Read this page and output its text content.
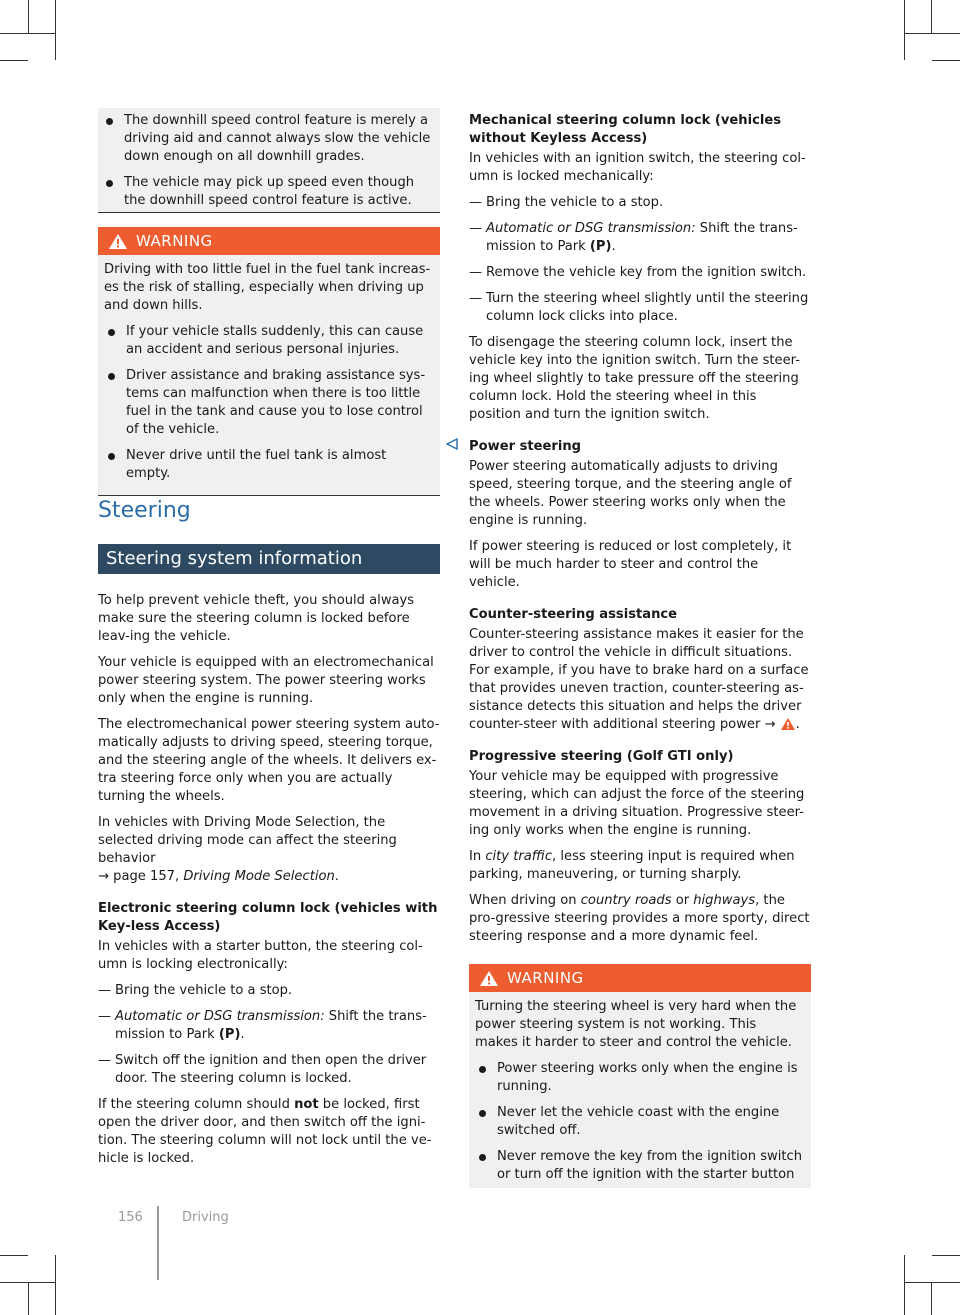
The downhill speed control feature is merely a driving aid and cannot always slow the vehicle down enough on all downhill grades.
The vehicle may pick up speed even though the downhill speed control feature is active.
WARNING

Driving with too little fuel in the fuel tank increas-es the risk of stalling, especially when driving up and down hills.

If your vehicle stalls suddenly, this can cause an accident and serious personal injuries.
Driver assistance and braking assistance sys-tems can malfunction when there is too little fuel in the tank and cause you to lose control of the vehicle.
Never drive until the fuel tank is almost empty.
Steering
Steering system information

To help prevent vehicle theft, you should always make sure the steering column is locked before leav-ing the vehicle.

Your vehicle is equipped with an electromechanical power steering system. The power steering works only when the engine is running.

The electromechanical power steering system auto-matically adjusts to driving speed, steering torque, and the steering angle of the wheels. It delivers ex-tra steering force only when you are actually turning the wheels.

In vehicles with Driving Mode Selection, the selected driving mode can affect the steering behavior
→ page 157, Driving Mode Selection.

Electronic steering column lock (vehicles with Key-less Access)

In vehicles with a starter button, the steering col-umn is locking electronically:

— Bring the vehicle to a stop.
— Automatic or DSG transmission: Shift the trans-mission to Park (P).
— Switch off the ignition and then open the driver door. The steering column is locked.

If the steering column should not be locked, first open the driver door, and then switch off the igni-tion. The steering column will not lock until the ve-hicle is locked.

Mechanical steering column lock (vehicles without Keyless Access)

In vehicles with an ignition switch, the steering col-umn is locked mechanically:

— Bring the vehicle to a stop.
— Automatic or DSG transmission: Shift the trans-mission to Park (P).
— Remove the vehicle key from the ignition switch.
— Turn the steering wheel slightly until the steering column lock clicks into place.

To disengage the steering column lock, insert the vehicle key into the ignition switch. Turn the steer-ing wheel slightly to take pressure off the steering column lock. Hold the steering wheel in this position and turn the ignition switch.

Power steering

Power steering automatically adjusts to driving speed, steering torque, and the steering angle of the wheels. Power steering works only when the engine is running.

If power steering is reduced or lost completely, it will be much harder to steer and control the vehicle.

Counter-steering assistance

Counter-steering assistance makes it easier for the driver to control the vehicle in difficult situations. For example, if you have to brake hard on a surface that provides uneven traction, counter-steering as-sistance detects this situation and helps the driver counter-steer with additional steering power → .

Progressive steering (Golf GTI only)

Your vehicle may be equipped with progressive steering, which can adjust the force of the steering movement in a driving situation. Progressive steer-ing only works when the engine is running.

In city traffic, less steering input is required when parking, maneuvering, or turning sharply.

When driving on country roads or highways, the pro-gressive steering provides a more sporty, direct steering response and a more dynamic feel.

WARNING

Turning the steering wheel is very hard when the power steering system is not working. This makes it harder to steer and control the vehicle.

Power steering works only when the engine is running.
Never let the vehicle coast with the engine switched off.
Never remove the key from the ignition switch or turn off the ignition with the starter button
156	Driving
